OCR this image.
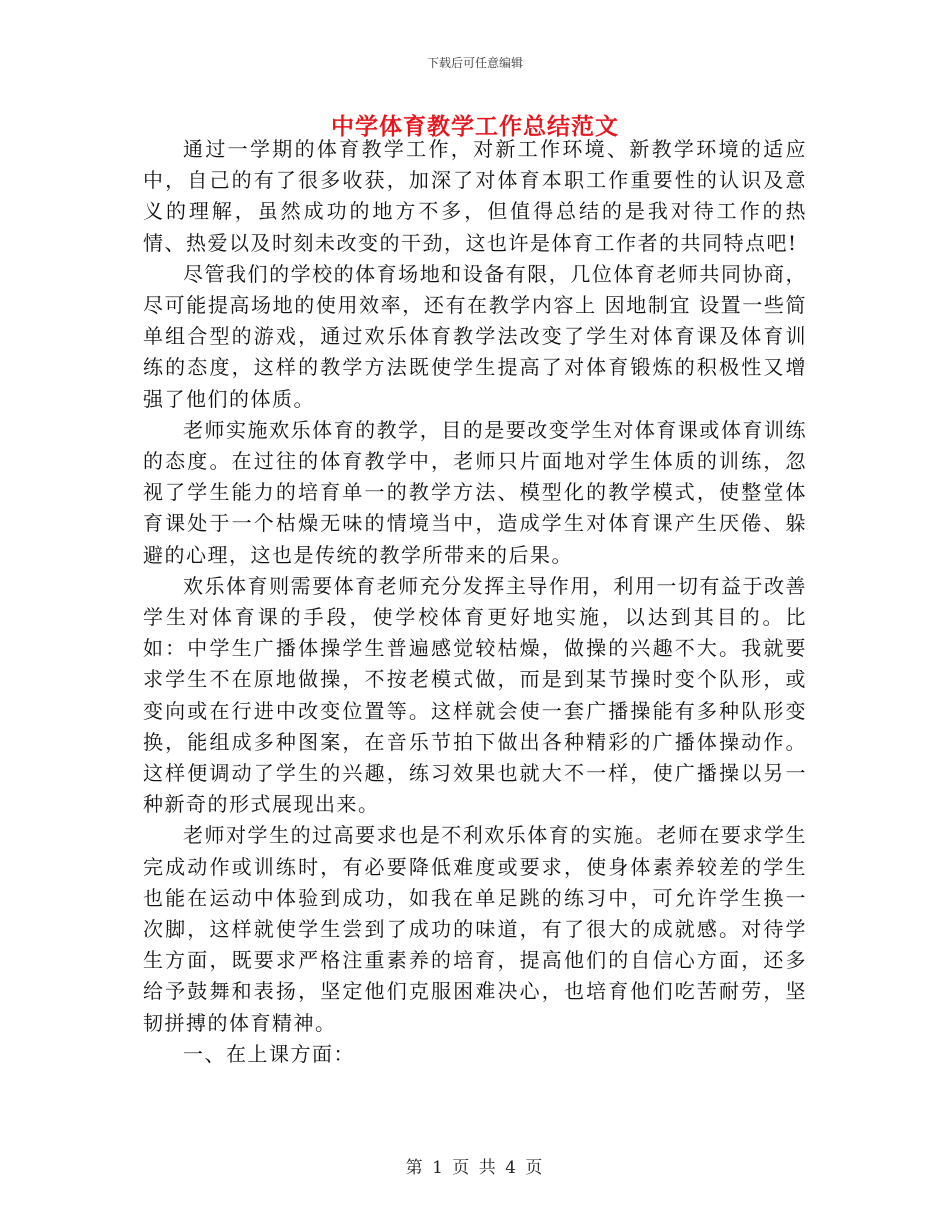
下载后可任意编辑
中学体育教学工作总结范文

通过一学期的体育教学工作，对新工作环境、新教学环境的适应中，自己的有了很多收获，加深了对体育本职工作重要性的认识及意义的理解，虽然成功的地方不多，但值得总结的是我对待工作的热情、热爱以及时刻未改变的干劲，这也许是体育工作者的共同特点吧!

尽管我们的学校的体育场地和设备有限，几位体育老师共同协商，尽可能提高场地的使用效率，还有在教学内容上 因地制宜 设置一些简单组合型的游戏，通过欢乐体育教学法改变了学生对体育课及体育训练的态度，这样的教学方法既使学生提高了对体育锻炼的积极性又增强了他们的体质。

老师实施欢乐体育的教学，目的是要改变学生对体育课或体育训练的态度。在过往的体育教学中，老师只片面地对学生体质的训练，忽视了学生能力的培育单一的教学方法、模型化的教学模式，使整堂体育课处于一个枯燥无味的情境当中，造成学生对体育课产生厌倦、躲避的心理，这也是传统的教学所带来的后果。

欢乐体育则需要体育老师充分发挥主导作用，利用一切有益于改善学生对体育课的手段，使学校体育更好地实施，以达到其目的。比如：中学生广播体操学生普遍感觉较枯燥，做操的兴趣不大。我就要求学生不在原地做操，不按老模式做，而是到某节操时变个队形，或变向或在行进中改变位置等。这样就会使一套广播操能有多种队形变换，能组成多种图案，在音乐节拍下做出各种精彩的广播体操动作。这样便调动了学生的兴趣，练习效果也就大不一样，使广播操以另一种新奇的形式展现出来。

老师对学生的过高要求也是不利欢乐体育的实施。老师在要求学生完成动作或训练时，有必要降低难度或要求，使身体素养较差的学生也能在运动中体验到成功，如我在单足跳的练习中，可允许学生换一次脚，这样就使学生尝到了成功的味道，有了很大的成就感。对待学生方面，既要求严格注重素养的培育，提高他们的自信心方面，还多给予鼓舞和表扬，坚定他们克服困难决心，也培育他们吃苦耐劳，坚韧拼搏的体育精神。

一、在上课方面：

第 1 页 共 4 页
